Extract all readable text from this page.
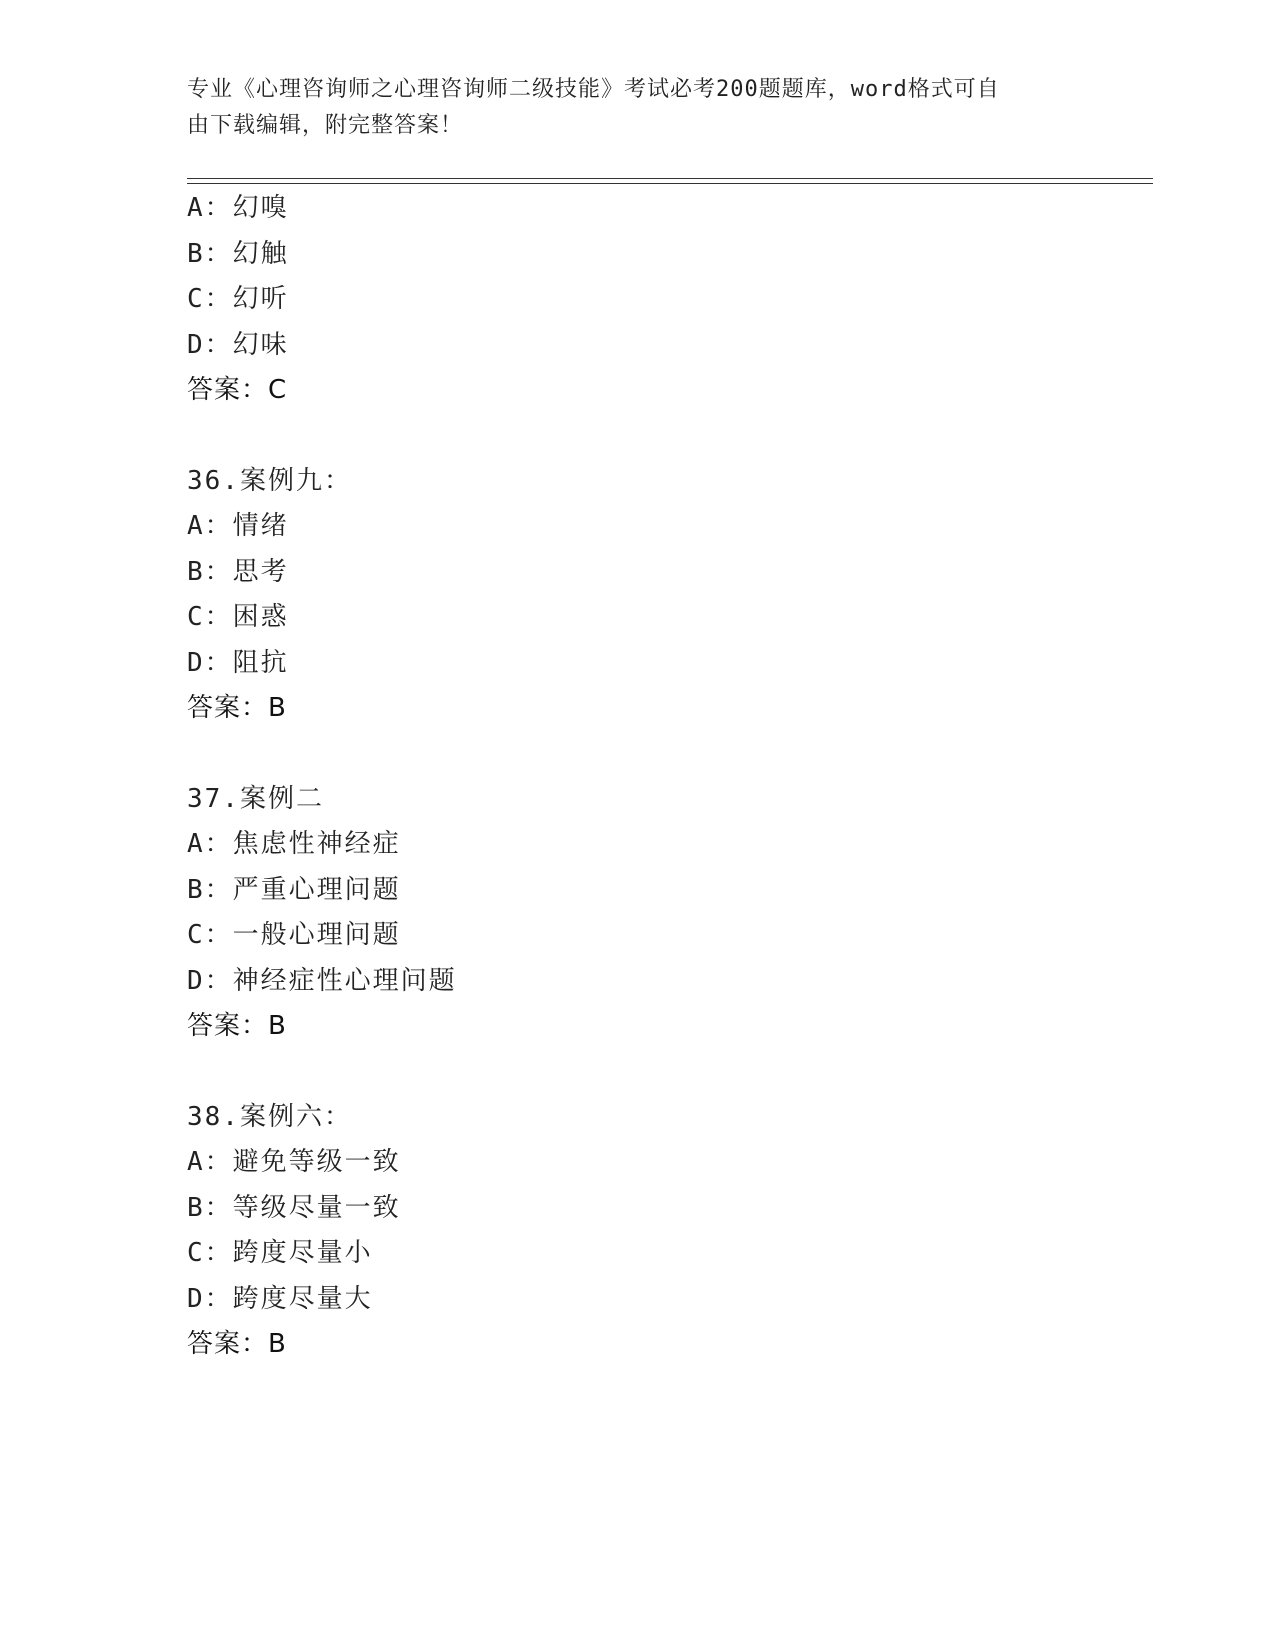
专业《心理咨询师之心理咨询师二级技能》考试必考200题题库，word格式可自
由下载编辑，附完整答案！
A：幻嗅
B：幻触
C：幻听
D：幻味
答案：C
36.案例九：
A：情绪
B：思考
C：困惑
D：阻抗
答案：B
37.案例二
A：焦虑性神经症
B：严重心理问题
C：一般心理问题
D：神经症性心理问题
答案：B
38.案例六：
A：避免等级一致
B：等级尽量一致
C：跨度尽量小
D：跨度尽量大
答案：B
